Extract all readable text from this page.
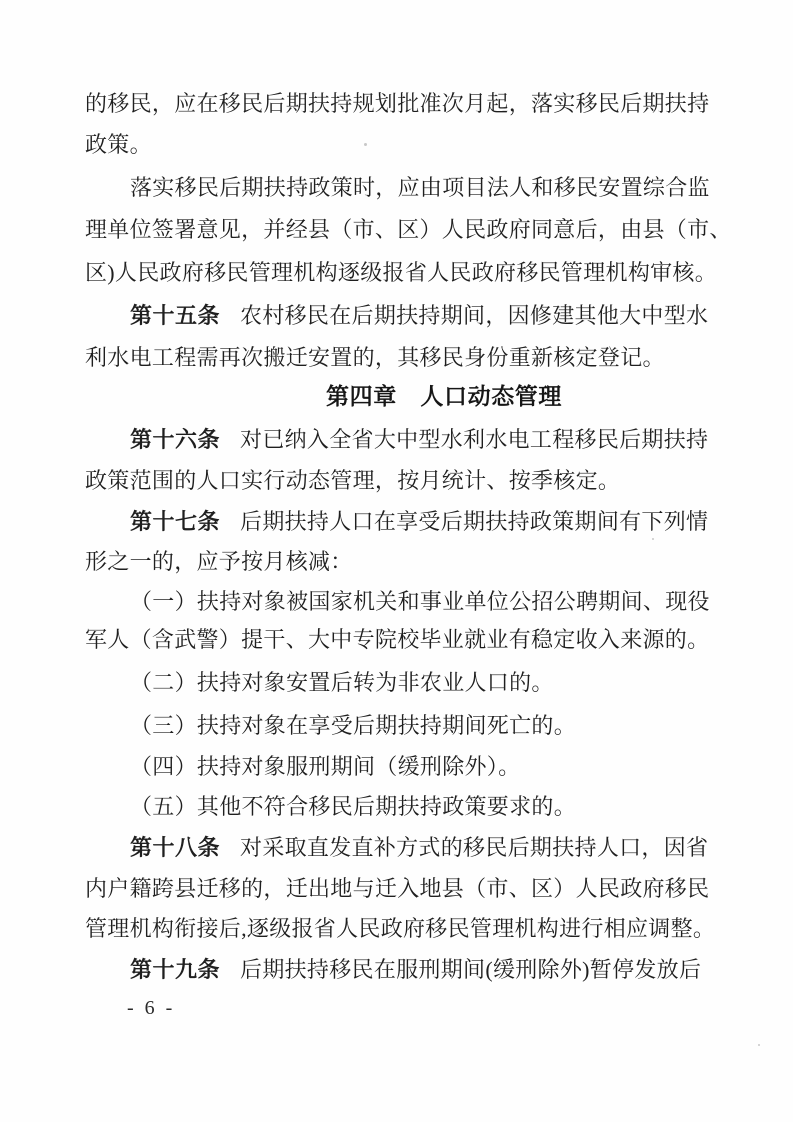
的移民，应在移民后期扶持规划批准次月起，落实移民后期扶持
政策。
落实移民后期扶持政策时，应由项目法人和移民安置综合监
理单位签署意见，并经县（市、区）人民政府同意后，由县（市、
区)人民政府移民管理机构逐级报省人民政府移民管理机构审核。
第十五条 农村移民在后期扶持期间，因修建其他大中型水
利水电工程需再次搬迁安置的，其移民身份重新核定登记。
第四章　人口动态管理
第十六条 对已纳入全省大中型水利水电工程移民后期扶持
政策范围的人口实行动态管理，按月统计、按季核定。
第十七条 后期扶持人口在享受后期扶持政策期间有下列情
形之一的，应予按月核减：
（一）扶持对象被国家机关和事业单位公招公聘期间、现役
军人（含武警）提干、大中专院校毕业就业有稳定收入来源的。
（二）扶持对象安置后转为非农业人口的。
（三）扶持对象在享受后期扶持期间死亡的。
（四）扶持对象服刑期间（缓刑除外）。
（五）其他不符合移民后期扶持政策要求的。
第十八条 对采取直发直补方式的移民后期扶持人口，因省
内户籍跨县迁移的，迁出地与迁入地县（市、区）人民政府移民
管理机构衔接后,逐级报省人民政府移民管理机构进行相应调整。
第十九条 后期扶持移民在服刑期间(缓刑除外)暂停发放后
- 6 -
